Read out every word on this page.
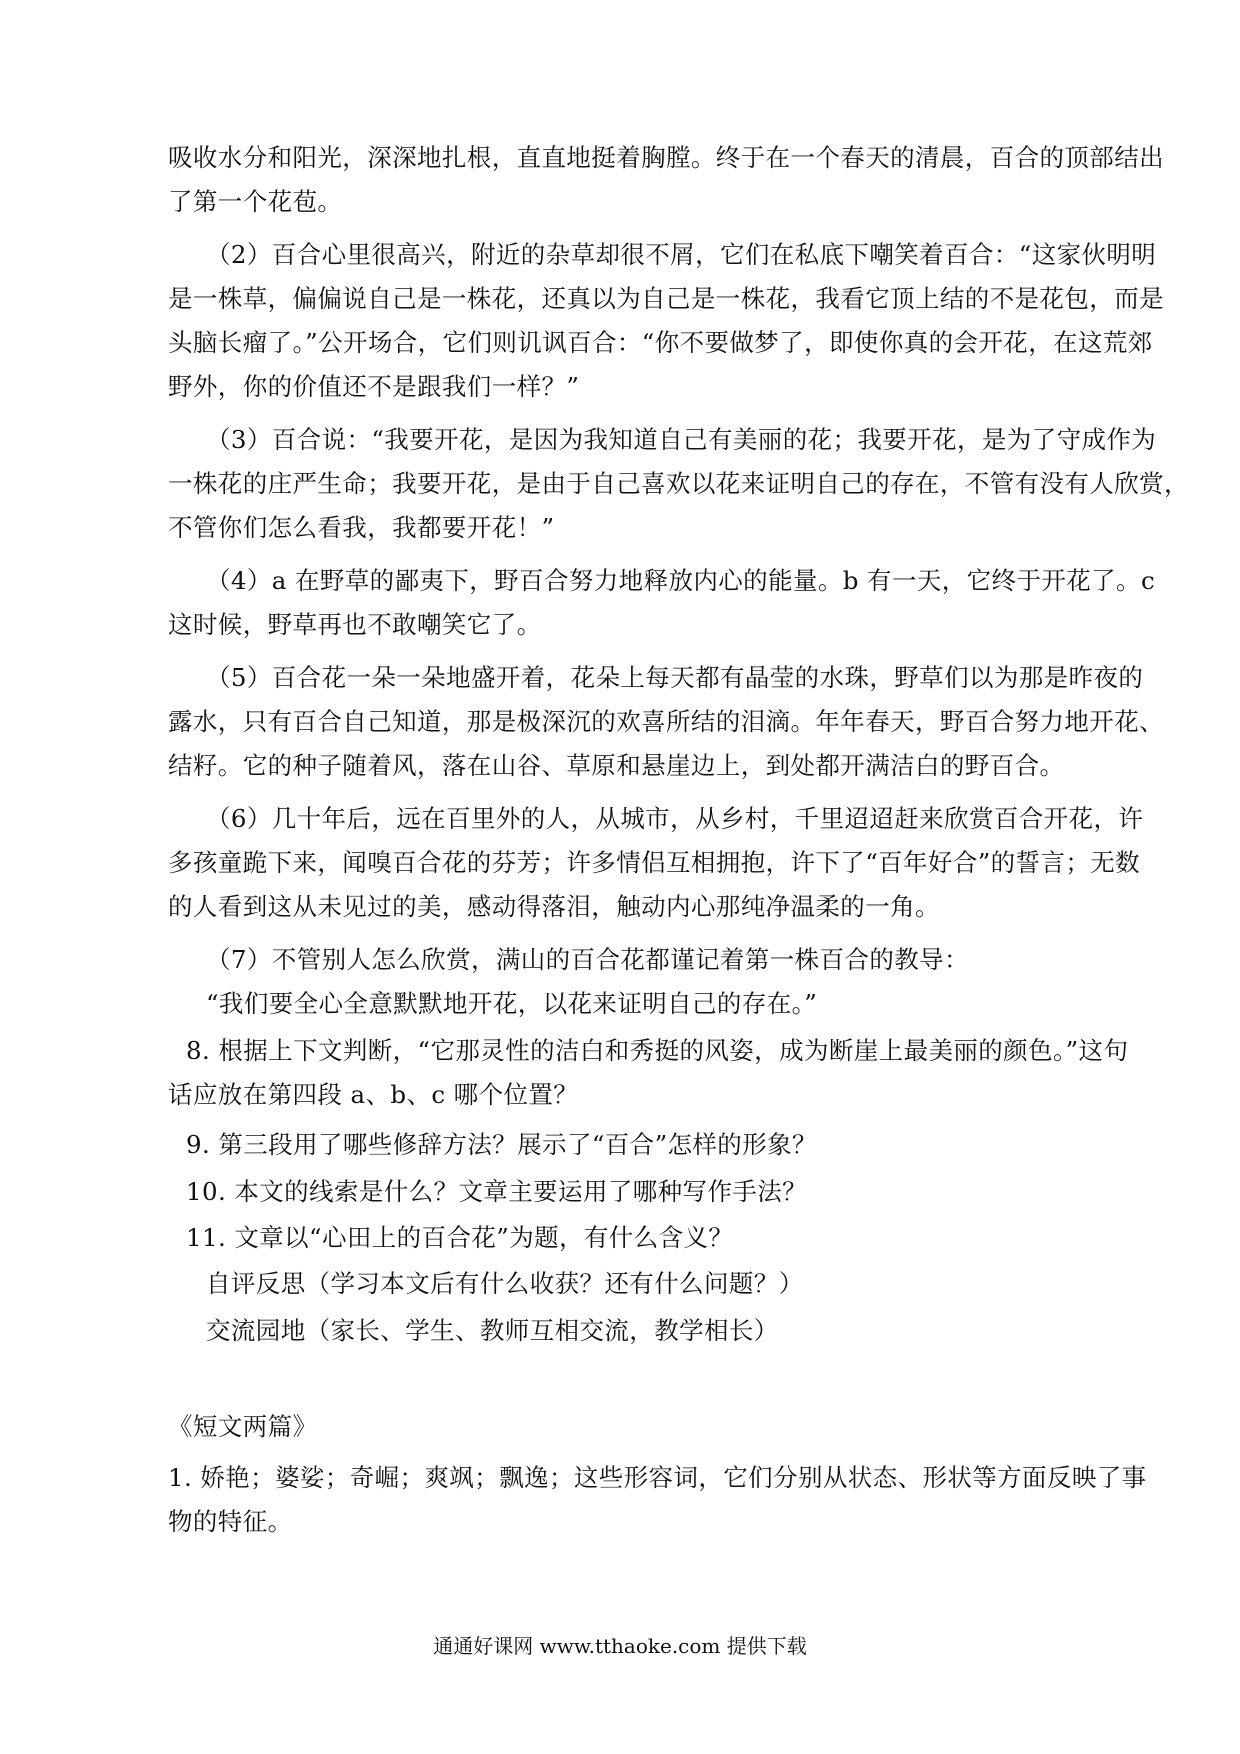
吸收水分和阳光，深深地扎根，直直地挺着胸膛。终于在一个春天的清晨，百合的顶部结出
了第一个花苞。
（2）百合心里很高兴，附近的杂草却很不屑，它们在私底下嘲笑着百合：“这家伙明明
是一株草，偏偏说自己是一株花，还真以为自己是一株花，我看它顶上结的不是花包，而是
头脑长瘤了。”公开场合，它们则讥讽百合：“你不要做梦了，即使你真的会开花，在这荒郊
野外，你的价值还不是跟我们一样？”
（3）百合说：“我要开花，是因为我知道自己有美丽的花；我要开花，是为了守成作为
一株花的庄严生命；我要开花，是由于自己喜欢以花来证明自己的存在，不管有没有人欣赏，
不管你们怎么看我，我都要开花！”
（4）a 在野草的鄙夷下，野百合努力地释放内心的能量。b 有一天，它终于开花了。c
这时候，野草再也不敢嘲笑它了。
（5）百合花一朵一朵地盛开着，花朵上每天都有晶莹的水珠，野草们以为那是昨夜的
露水，只有百合自己知道，那是极深沉的欢喜所结的泪滴。年年春天，野百合努力地开花、
结籽。它的种子随着风，落在山谷、草原和悬崖边上，到处都开满洁白的野百合。
（6）几十年后，远在百里外的人，从城市，从乡村，千里迢迢赶来欣赏百合开花，许
多孩童跪下来，闻嗅百合花的芬芳；许多情侣互相拥抱，许下了“百年好合”的誓言；无数
的人看到这从未见过的美，感动得落泪，触动内心那纯净温柔的一角。
（7）不管别人怎么欣赏，满山的百合花都谨记着第一株百合的教导：
“我们要全心全意默默地开花，以花来证明自己的存在。”
8. 根据上下文判断，“它那灵性的洁白和秀挺的风姿，成为断崖上最美丽的颜色。”这句
话应放在第四段 a、b、c 哪个位置？
9. 第三段用了哪些修辞方法？展示了“百合”怎样的形象？
10. 本文的线索是什么？文章主要运用了哪种写作手法？
11. 文章以“心田上的百合花”为题，有什么含义？
自评反思（学习本文后有什么收获？还有什么问题？）
交流园地（家长、学生、教师互相交流，教学相长）
《短文两篇》
1. 娇艳；婆娑；奇崛；爽飒；飘逸；这些形容词，它们分别从状态、形状等方面反映了事
物的特征。
通通好课网 www.tthaoke.com 提供下载
